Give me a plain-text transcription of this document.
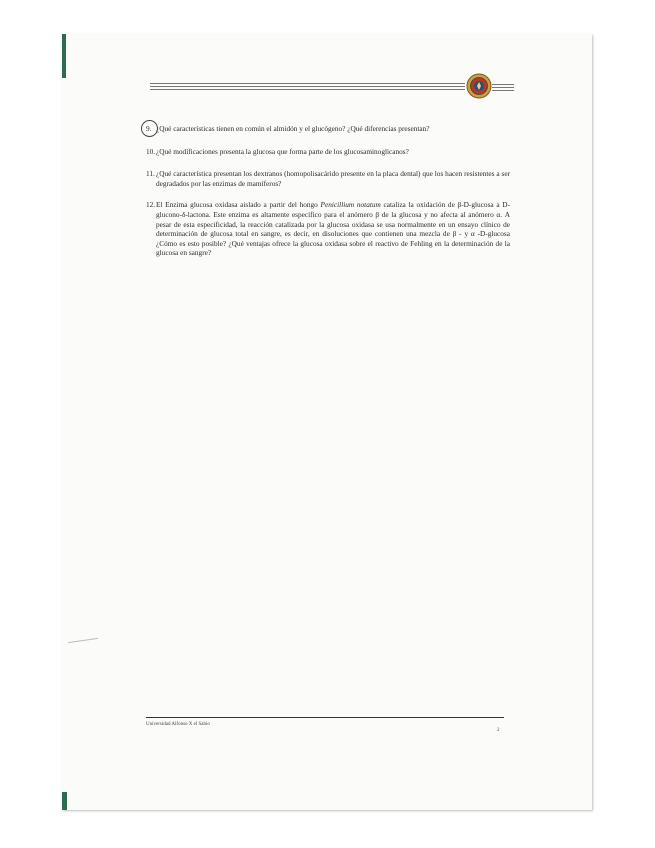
9. ¿Qué características tienen en común el almidón y el glucógeno? ¿Qué diferencias presentan?
10. ¿Qué modificaciones presenta la glucosa que forma parte de los glucosaminoglicanos?
11. ¿Qué característica presentan los dextranos (homopolisacárido presente en la placa dental) que los hacen resistentes a ser degradados por las enzimas de mamíferos?
12. El Enzima glucosa oxidasa aislado a partir del hongo Penicillium notatum cataliza la oxidación de β-D-glucosa a D-glucono-δ-lactona. Este enzima es altamente específico para el anómero β de la glucosa y no afecta al anómero α. A pesar de esta especificidad, la reacción catalizada por la glucosa oxidasa se usa normalmente en un ensayo clínico de determinación de glucosa total en sangre, es decir, en disoluciones que contienen una mezcla de β - y α -D-glucosa ¿Cómo es esto posible? ¿Qué ventajas ofrece la glucosa oxidasa sobre el reactivo de Fehling en la determinación de la glucosa en sangre?
Universidad Alfonso X el Sabio
2
